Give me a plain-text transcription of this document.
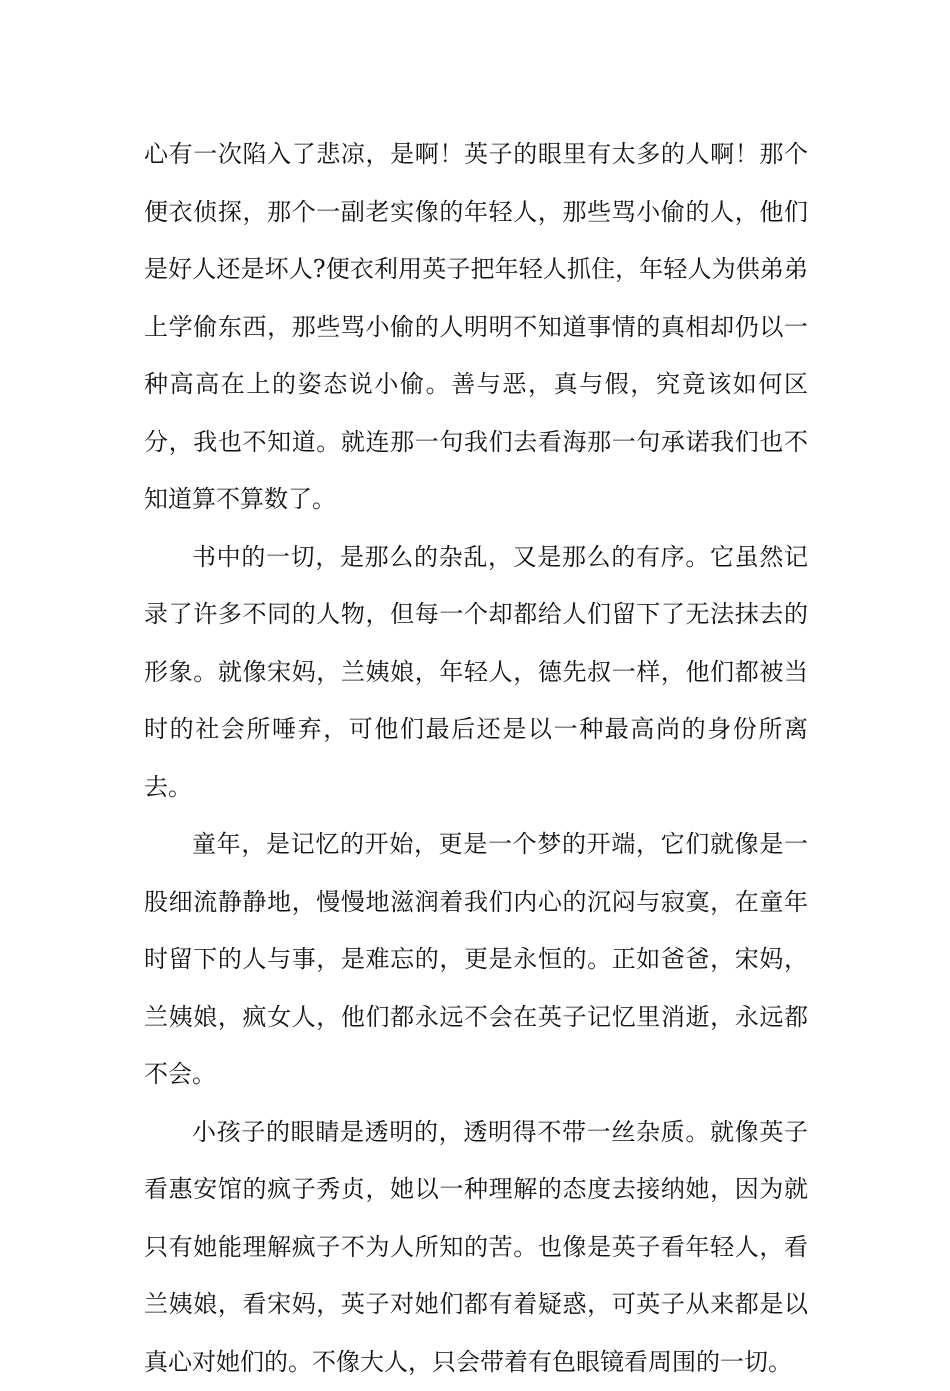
心有一次陷入了悲凉，是啊！英子的眼里有太多的人啊！那个便衣侦探，那个一副老实像的年轻人，那些骂小偷的人，他们是好人还是坏人?便衣利用英子把年轻人抓住，年轻人为供弟弟上学偷东西，那些骂小偷的人明明不知道事情的真相却仍以一种高高在上的姿态说小偷。善与恶，真与假，究竟该如何区分，我也不知道。就连那一句我们去看海那一句承诺我们也不知道算不算数了。

书中的一切，是那么的杂乱，又是那么的有序。它虽然记录了许多不同的人物，但每一个却都给人们留下了无法抹去的形象。就像宋妈，兰姨娘，年轻人，德先叔一样，他们都被当时的社会所唾弃，可他们最后还是以一种最高尚的身份所离去。

童年，是记忆的开始，更是一个梦的开端，它们就像是一股细流静静地，慢慢地滋润着我们内心的沉闷与寂寞，在童年时留下的人与事，是难忘的，更是永恒的。正如爸爸，宋妈，兰姨娘，疯女人，他们都永远不会在英子记忆里消逝，永远都不会。

小孩子的眼睛是透明的，透明得不带一丝杂质。就像英子看惠安馆的疯子秀贞，她以一种理解的态度去接纳她，因为就只有她能理解疯子不为人所知的苦。也像是英子看年轻人，看兰姨娘，看宋妈，英子对她们都有着疑惑，可英子从来都是以真心对她们的。不像大人，只会带着有色眼镜看周围的一切。
